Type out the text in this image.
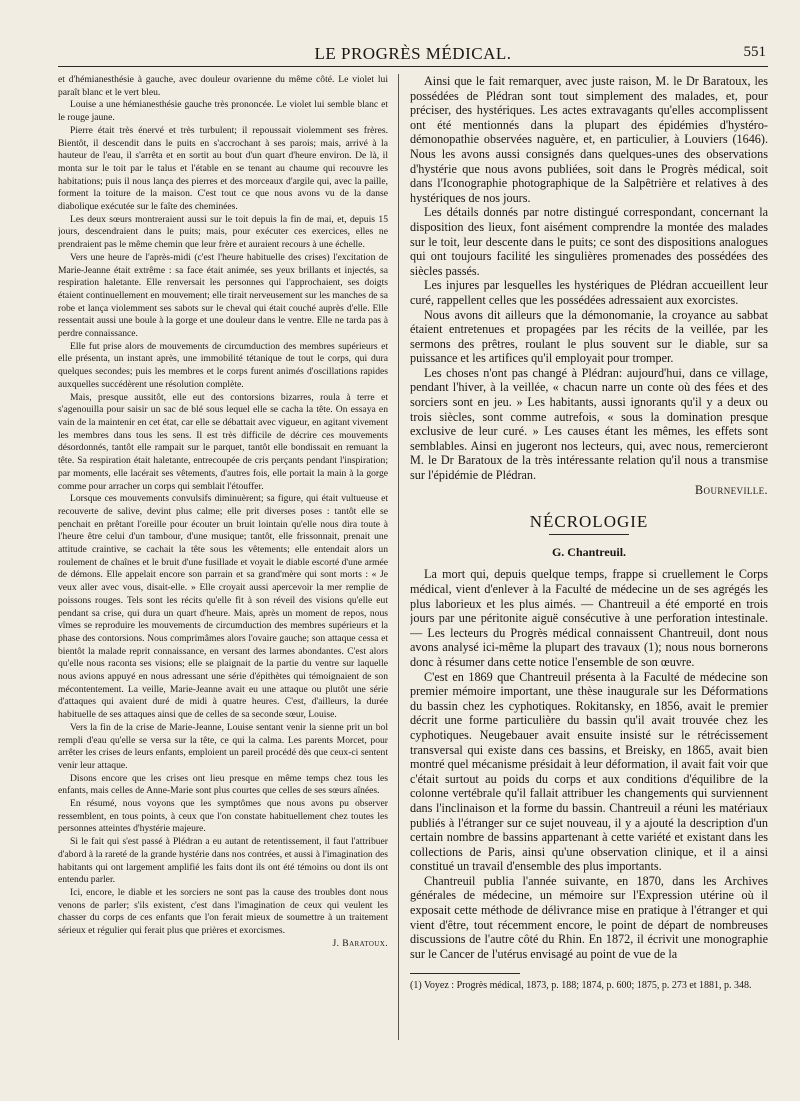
LE PROGRÈS MÉDICAL.	551

et d'hémianesthésie à gauche, avec douleur ovarienne du même côté. Le violet lui paraît blanc et le vert bleu.

Louise a une hémianesthésie gauche très prononcée. Le violet lui semble blanc et le rouge jaune.

Pierre était très énervé et très turbulent; il repoussait violemment ses frères. Bientôt, il descendit dans le puits en s'accrochant à ses parois; mais, arrivé à la hauteur de l'eau, il s'arrêta et en sortit au bout d'un quart d'heure environ. De là, il monta sur le toit par le talus et l'étable en se tenant au chaume qui recouvre les habitations; puis il nous lança des pierres et des morceaux d'argile qui, avec la paille, forment la toiture de la maison. C'est tout ce que nous avons vu de la danse diabolique exécutée sur le faîte des cheminées.

Les deux sœurs montreraient aussi sur le toit depuis la fin de mai, et, depuis 15 jours, descendraient dans le puits; mais, pour exécuter ces exercices, elles ne prendraient pas le même chemin que leur frère et auraient recours à une échelle.

Vers une heure de l'après-midi (c'est l'heure habituelle des crises) l'excitation de Marie-Jeanne était extrême : sa face était animée, ses yeux brillants et injectés, sa respiration haletante. Elle renversait les personnes qui l'approchaient, ses doigts étaient continuellement en mouvement; elle tirait nerveusement sur les manches de sa robe et lança violemment ses sabots sur le cheval qui était couché auprès d'elle. Elle ressentait aussi une boule à la gorge et une douleur dans le ventre. Elle ne tarda pas à perdre connaissance.

Elle fut prise alors de mouvements de circumduction des membres supérieurs et elle présenta, un instant après, une immobilité tétanique de tout le corps, qui dura quelques secondes; puis les membres et le corps furent animés d'oscillations rapides auxquelles succédèrent une résolution complète.

Mais, presque aussitôt, elle eut des contorsions bizarres, roula à terre et s'agenouilla pour saisir un sac de blé sous lequel elle se cacha la tête. On essaya en vain de la maintenir en cet état, car elle se débattait avec vigueur, en agitant vivement les membres dans tous les sens. Il est très difficile de décrire ces mouvements désordonnés, tantôt elle rampait sur le parquet, tantôt elle bondissait en remuant la tête. Sa respiration était haletante, entrecoupée de cris perçants pendant l'inspiration; par moments, elle lacérait ses vêtements, d'autres fois, elle portait la main à la gorge comme pour arracher un corps qui semblait l'étouffer.

Lorsque ces mouvements convulsifs diminuèrent; sa figure, qui était vultueuse et recouverte de salive, devint plus calme; elle prit diverses poses : tantôt elle se penchait en prêtant l'oreille pour écouter un bruit lointain qu'elle nous dira toute à l'heure être celui d'un tambour, d'une musique; tantôt, elle frissonnait, prenait une attitude craintive, se cachait la tête sous les vêtements; elle entendait alors un roulement de chaînes et le bruit d'une fusillade et voyait le diable escorté d'une armée de démons. Elle appelait encore son parrain et sa grand'mère qui sont morts : « Je veux aller avec vous, disait-elle. » Elle croyait aussi apercevoir la mer remplie de poissons rouges. Tels sont les récits qu'elle fit à son réveil des visions qu'elle eut pendant sa crise, qui dura un quart d'heure. Mais, après un moment de repos, nous vîmes se reproduire les mouvements de circumduction des membres supérieurs et la phase des contorsions. Nous comprimâmes alors l'ovaire gauche; son attaque cessa et bientôt la malade reprit connaissance, en versant des larmes abondantes. C'est alors qu'elle nous raconta ses visions; elle se plaignait de la partie du ventre sur laquelle nous avions appuyé en nous adressant une série d'épithètes qui témoignaient de son mécontentement. La veille, Marie-Jeanne avait eu une attaque ou plutôt une série d'attaques qui avaient duré de midi à quatre heures. C'est, d'ailleurs, la durée habituelle de ses attaques ainsi que de celles de sa seconde sœur, Louise.

Vers la fin de la crise de Marie-Jeanne, Louise sentant venir la sienne prit un bol rempli d'eau qu'elle se versa sur la tête, ce qui la calma. Les parents Morcet, pour arrêter les crises de leurs enfants, emploient un pareil procédé dès que ceux-ci sentent venir leur attaque.

Disons encore que les crises ont lieu presque en même temps chez tous les enfants, mais celles de Anne-Marie sont plus courtes que celles de ses sœurs aînées.

En résumé, nous voyons que les symptômes que nous avons pu observer ressemblent, en tous points, à ceux que l'on constate habituellement chez toutes les personnes atteintes d'hystérie majeure.

Si le fait qui s'est passé à Plédran a eu autant de retentissement, il faut l'attribuer d'abord à la rareté de la grande hystérie dans nos contrées, et aussi à l'imagination des habitants qui ont largement amplifié les faits dont ils ont été témoins ou dont ils ont entendu parler.

Ici, encore, le diable et les sorciers ne sont pas la cause des troubles dont nous venons de parler; s'ils existent, c'est dans l'imagination de ceux qui veulent les chasser du corps de ces enfants que l'on ferait mieux de soumettre à un traitement sérieux et régulier qui ferait plus que prières et exorcismes.

J. Baratoux.

Ainsi que le fait remarquer, avec juste raison, M. le Dr Baratoux, les possédées de Plédran sont tout simplement des malades, et, pour préciser, des hystériques. Les actes extravagants qu'elles accomplissent ont été mentionnés dans la plupart des épidémies d'hystéro-démonopathie observées naguère, et, en particulier, à Louviers (1646). Nous les avons aussi consignés dans quelques-unes des observations d'hystérie que nous avons publiées, soit dans le Progrès médical, soit dans l'Iconographie photographique de la Salpêtrière et relatives à des hystériques de nos jours.

Les détails donnés par notre distingué correspondant, concernant la disposition des lieux, font aisément comprendre la montée des malades sur le toit, leur descente dans le puits; ce sont des dispositions analogues qui ont toujours facilité les singulières promenades des possédées des siècles passés.

Les injures par lesquelles les hystériques de Plédran accueillent leur curé, rappellent celles que les possédées adressaient aux exorcistes.

Nous avons dit ailleurs que la démonomanie, la croyance au sabbat étaient entretenues et propagées par les récits de la veillée, par les sermons des prêtres, roulant le plus souvent sur le diable, sur sa puissance et les artifices qu'il employait pour tromper.

Les choses n'ont pas changé à Plédran: aujourd'hui, dans ce village, pendant l'hiver, à la veillée, « chacun narre un conte où des fées et des sorciers sont en jeu. » Les habitants, aussi ignorants qu'il y a deux ou trois siècles, sont comme autrefois, « sous la domination presque exclusive de leur curé. » Les causes étant les mêmes, les effets sont semblables. Ainsi en jugeront nos lecteurs, qui, avec nous, remercieront M. le Dr Baratoux de la très intéressante relation qu'il nous a transmise sur l'épidémie de Plédran.

Bourneville.
NÉCROLOGIE
G. Chantreuil.

La mort qui, depuis quelque temps, frappe si cruellement le Corps médical, vient d'enlever à la Faculté de médecine un de ses agrégés les plus laborieux et les plus aimés. — Chantreuil a été emporté en trois jours par une péritonite aiguë consécutive à une perforation intestinale. — Les lecteurs du Progrès médical connaissent Chantreuil, dont nous avons analysé ici-même la plupart des travaux (1); nous nous bornerons donc à résumer dans cette notice l'ensemble de son œuvre.

C'est en 1869 que Chantreuil présenta à la Faculté de médecine son premier mémoire important, une thèse inaugurale sur les Déformations du bassin chez les cyphotiques. Rokitansky, en 1856, avait le premier décrit une forme particulière du bassin qu'il avait trouvée chez les cyphotiques. Neugebauer avait ensuite insisté sur le rétrécissement transversal qui existe dans ces bassins, et Breisky, en 1865, avait bien montré quel mécanisme présidait à leur déformation, il avait fait voir que c'était surtout au poids du corps et aux conditions d'équilibre de la colonne vertébrale qu'il fallait attribuer les changements qui surviennent dans l'inclinaison et la forme du bassin. Chantreuil a réuni les matériaux publiés à l'étranger sur ce sujet nouveau, il y a ajouté la description d'un certain nombre de bassins appartenant à cette variété et existant dans les collections de Paris, ainsi qu'une observation clinique, et il a ainsi constitué un travail d'ensemble des plus importants.

Chantreuil publia l'année suivante, en 1870, dans les Archives générales de médecine, un mémoire sur l'Expression utérine où il exposait cette méthode de délivrance mise en pratique à l'étranger et qui vient d'être, tout récemment encore, le point de départ de nombreuses discussions de l'autre côté du Rhin. En 1872, il écrivit une monographie sur le Cancer de l'utérus envisagé au point de vue de la

(1) Voyez : Progrès médical, 1873, p. 188; 1874, p. 600; 1875, p. 273 et 1881, p. 348.
